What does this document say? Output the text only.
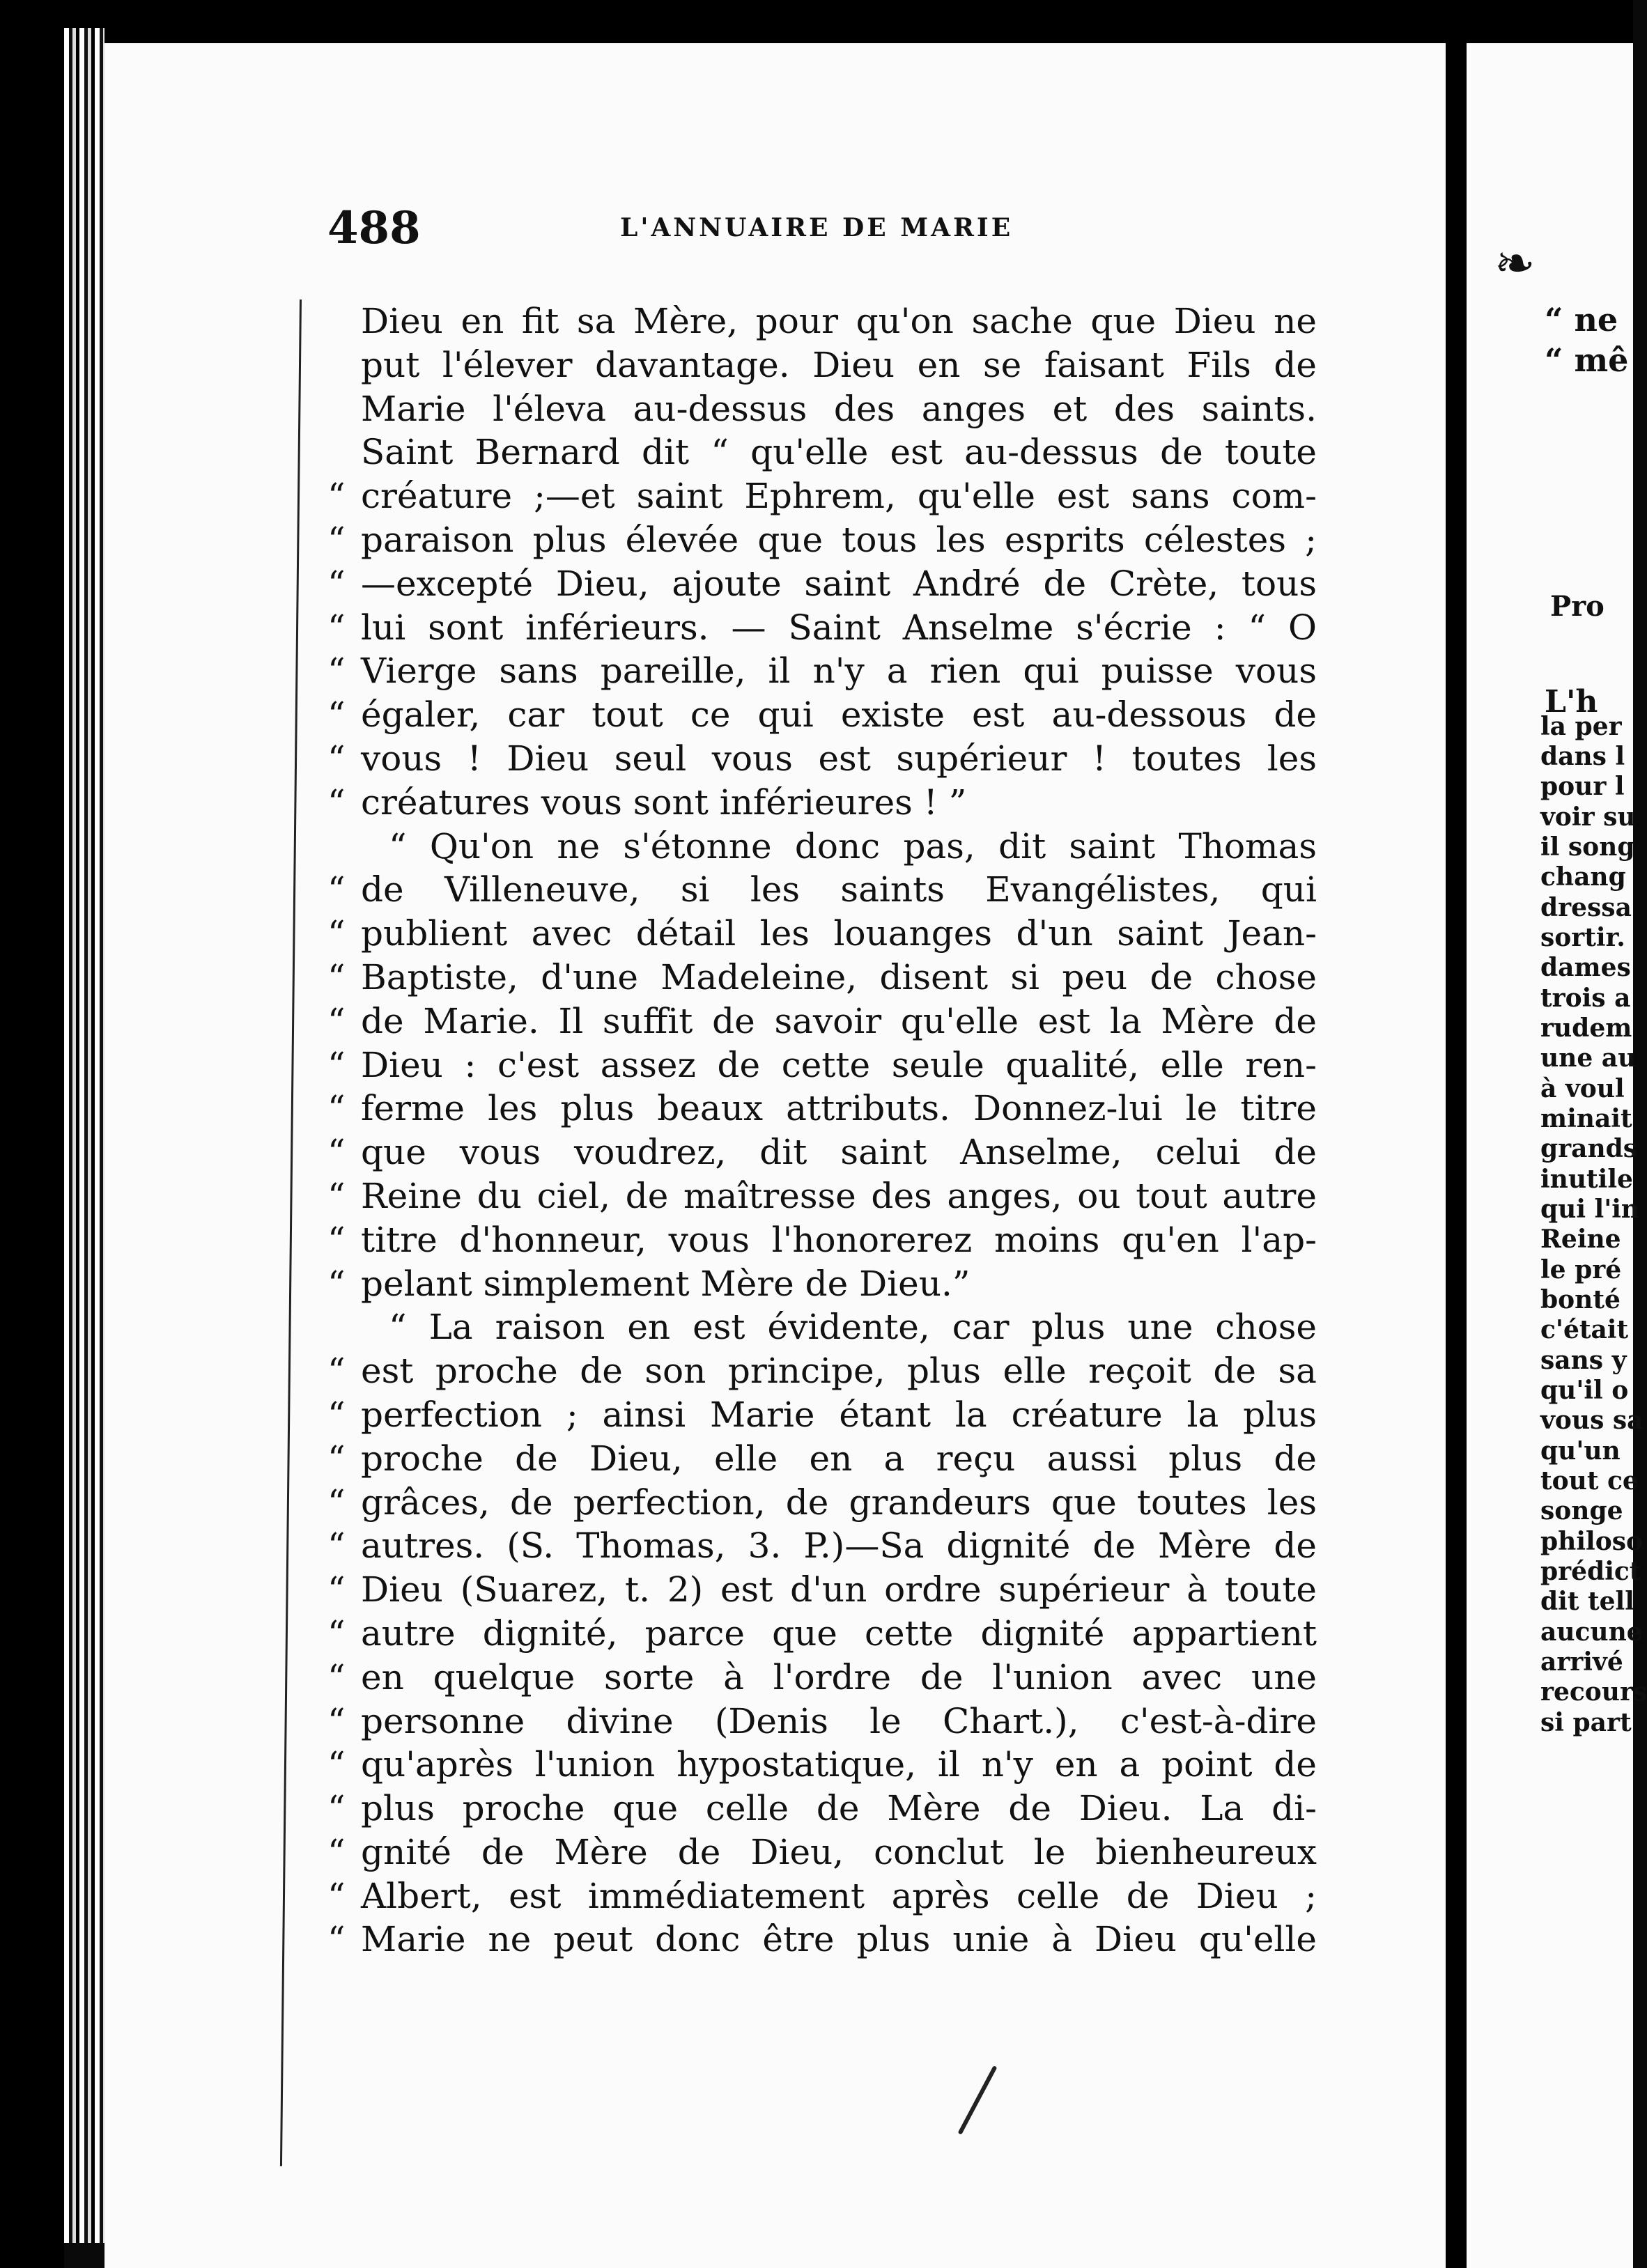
❧
“ ne
“ mê
Pro
L'h
la per
dans l
pour l
voir su
il song
chang
dressa
sortir.
dames
trois a
rudem
une au
à voul
minait
grands
inutile
qui l'in
Reine
le pré
bonté
c'était
sans y
qu'il o
vous sa
qu'un
tout ce
songe
philoso
prédict
dit tell
aucune
arrivé
recours
si part
488	L'ANNUAIRE DE MARIE
Dieu en fit sa Mère, pour qu'on sache que Dieu ne
put l'élever davantage. Dieu en se faisant Fils de
Marie l'éleva au-dessus des anges et des saints.
Saint Bernard dit “ qu'elle est au-dessus de toute
“ créature ;—et saint Ephrem, qu'elle est sans com-
“ paraison plus élevée que tous les esprits célestes ;
“ —excepté Dieu, ajoute saint André de Crète, tous
“ lui sont inférieurs. — Saint Anselme s'écrie : “ O
“ Vierge sans pareille, il n'y a rien qui puisse vous
“ égaler, car tout ce qui existe est au-dessous de
“ vous ! Dieu seul vous est supérieur ! toutes les
“ créatures vous sont inférieures ! ”
“ Qu'on ne s'étonne donc pas, dit saint Thomas
“ de Villeneuve, si les saints Evangélistes, qui
“ publient avec détail les louanges d'un saint Jean-
“ Baptiste, d'une Madeleine, disent si peu de chose
“ de Marie. Il suffit de savoir qu'elle est la Mère de
“ Dieu : c'est assez de cette seule qualité, elle ren-
“ ferme les plus beaux attributs. Donnez-lui le titre
“ que vous voudrez, dit saint Anselme, celui de
“ Reine du ciel, de maîtresse des anges, ou tout autre
“ titre d'honneur, vous l'honorerez moins qu'en l'ap-
“ pelant simplement Mère de Dieu.”
“ La raison en est évidente, car plus une chose
“ est proche de son principe, plus elle reçoit de sa
“ perfection ; ainsi Marie étant la créature la plus
“ proche de Dieu, elle en a reçu aussi plus de
“ grâces, de perfection, de grandeurs que toutes les
“ autres. (S. Thomas, 3. P.)—Sa dignité de Mère de
“ Dieu (Suarez, t. 2) est d'un ordre supérieur à toute
“ autre dignité, parce que cette dignité appartient
“ en quelque sorte à l'ordre de l'union avec une
“ personne divine (Denis le Chart.), c'est-à-dire
“ qu'après l'union hypostatique, il n'y en a point de
“ plus proche que celle de Mère de Dieu. La di-
“ gnité de Mère de Dieu, conclut le bienheureux
“ Albert, est immédiatement après celle de Dieu ;
“ Marie ne peut donc être plus unie à Dieu qu'elle
